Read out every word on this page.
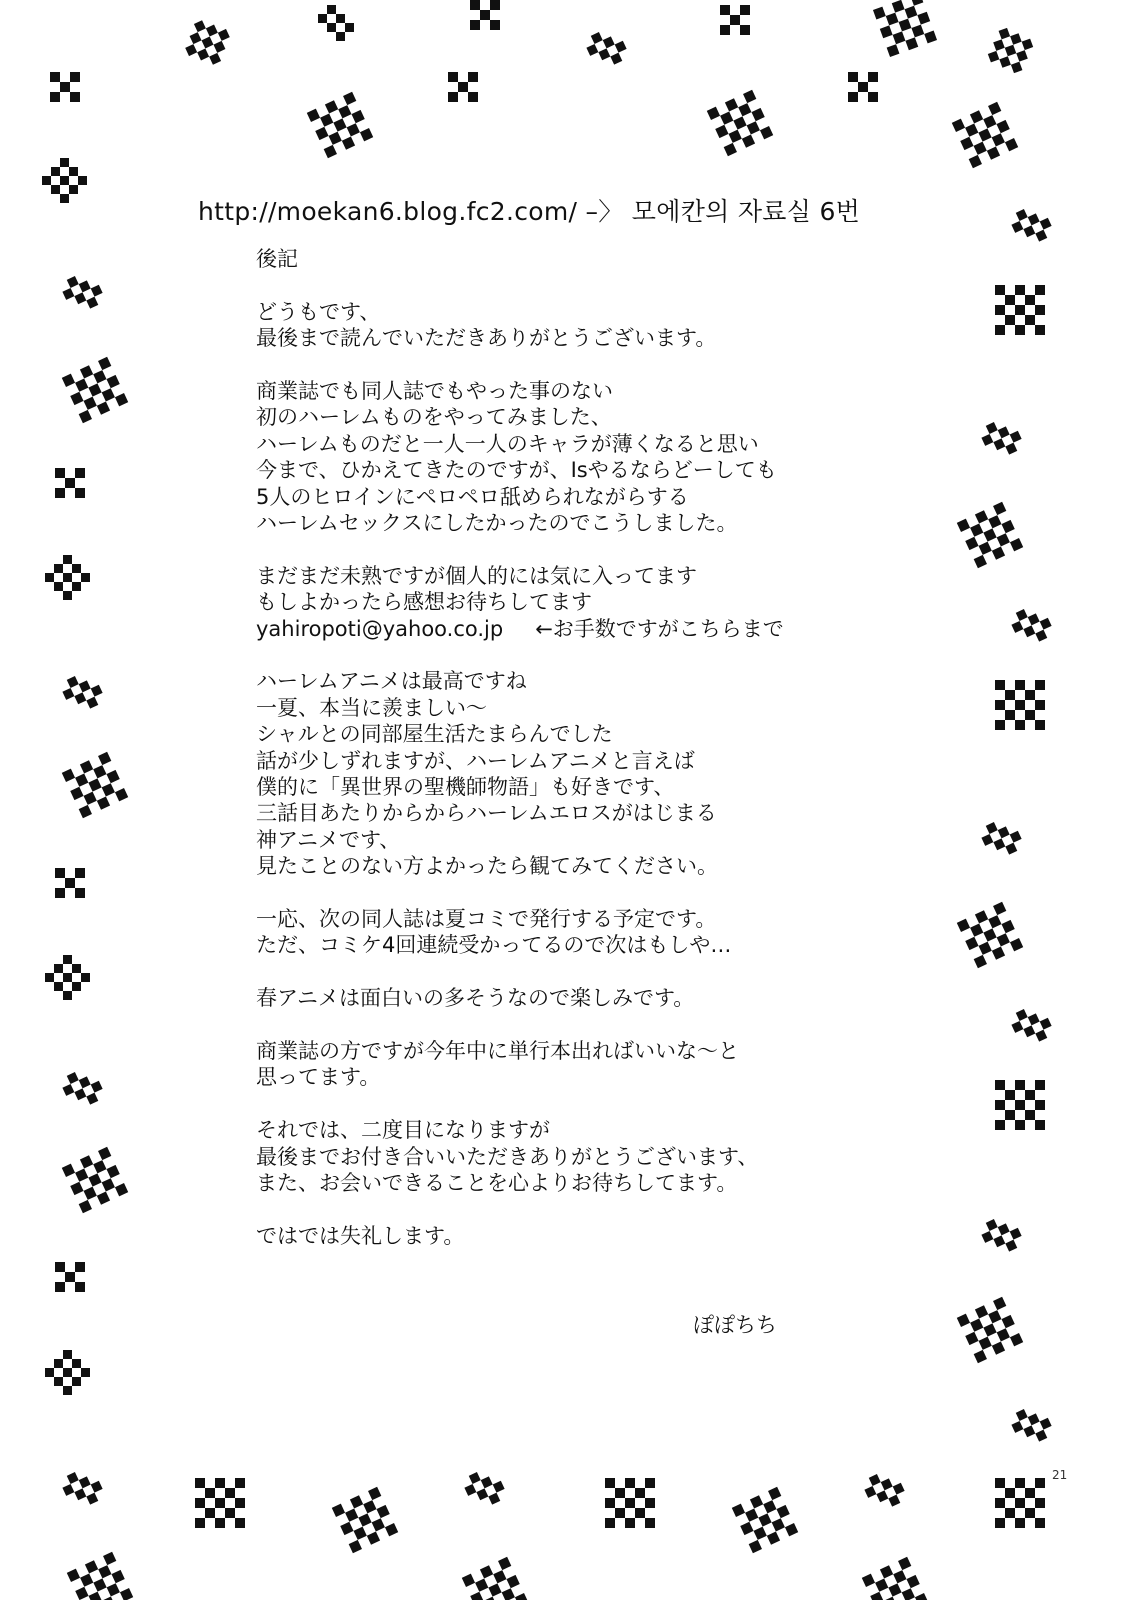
http://moekan6.blog.fc2.com/ –〉 모에칸의 자료실 6번
後記

どうもです、
最後まで読んでいただきありがとうございます。

商業誌でも同人誌でもやった事のない
初のハーレムものをやってみました、
ハーレムものだと一人一人のキャラが薄くなると思い
今まで、ひかえてきたのですが、Isやるならどーしても
5人のヒロインにペロペロ舐められながらする
ハーレムセックスにしたかったのでこうしました。

まだまだ未熟ですが個人的には気に入ってます
もしよかったら感想お待ちしてます
yahiropoti@yahoo.co.jp ←お手数ですがこちらまで

ハーレムアニメは最高ですね
一夏、本当に羨ましい～
シャルとの同部屋生活たまらんでした
話が少しずれますが、ハーレムアニメと言えば
僕的に「異世界の聖機師物語」も好きです、
三話目あたりからからハーレムエロスがはじまる
神アニメです、
見たことのない方よかったら観てみてください。

一応、次の同人誌は夏コミで発行する予定です。
ただ、コミケ4回連続受かってるので次はもしや…

春アニメは面白いの多そうなので楽しみです。

商業誌の方ですが今年中に単行本出ればいいな～と
思ってます。

それでは、二度目になりますが
最後までお付き合いいただきありがとうございます、
また、お会いできることを心よりお待ちしてます。

ではでは失礼します。

ぽぽちち
21
